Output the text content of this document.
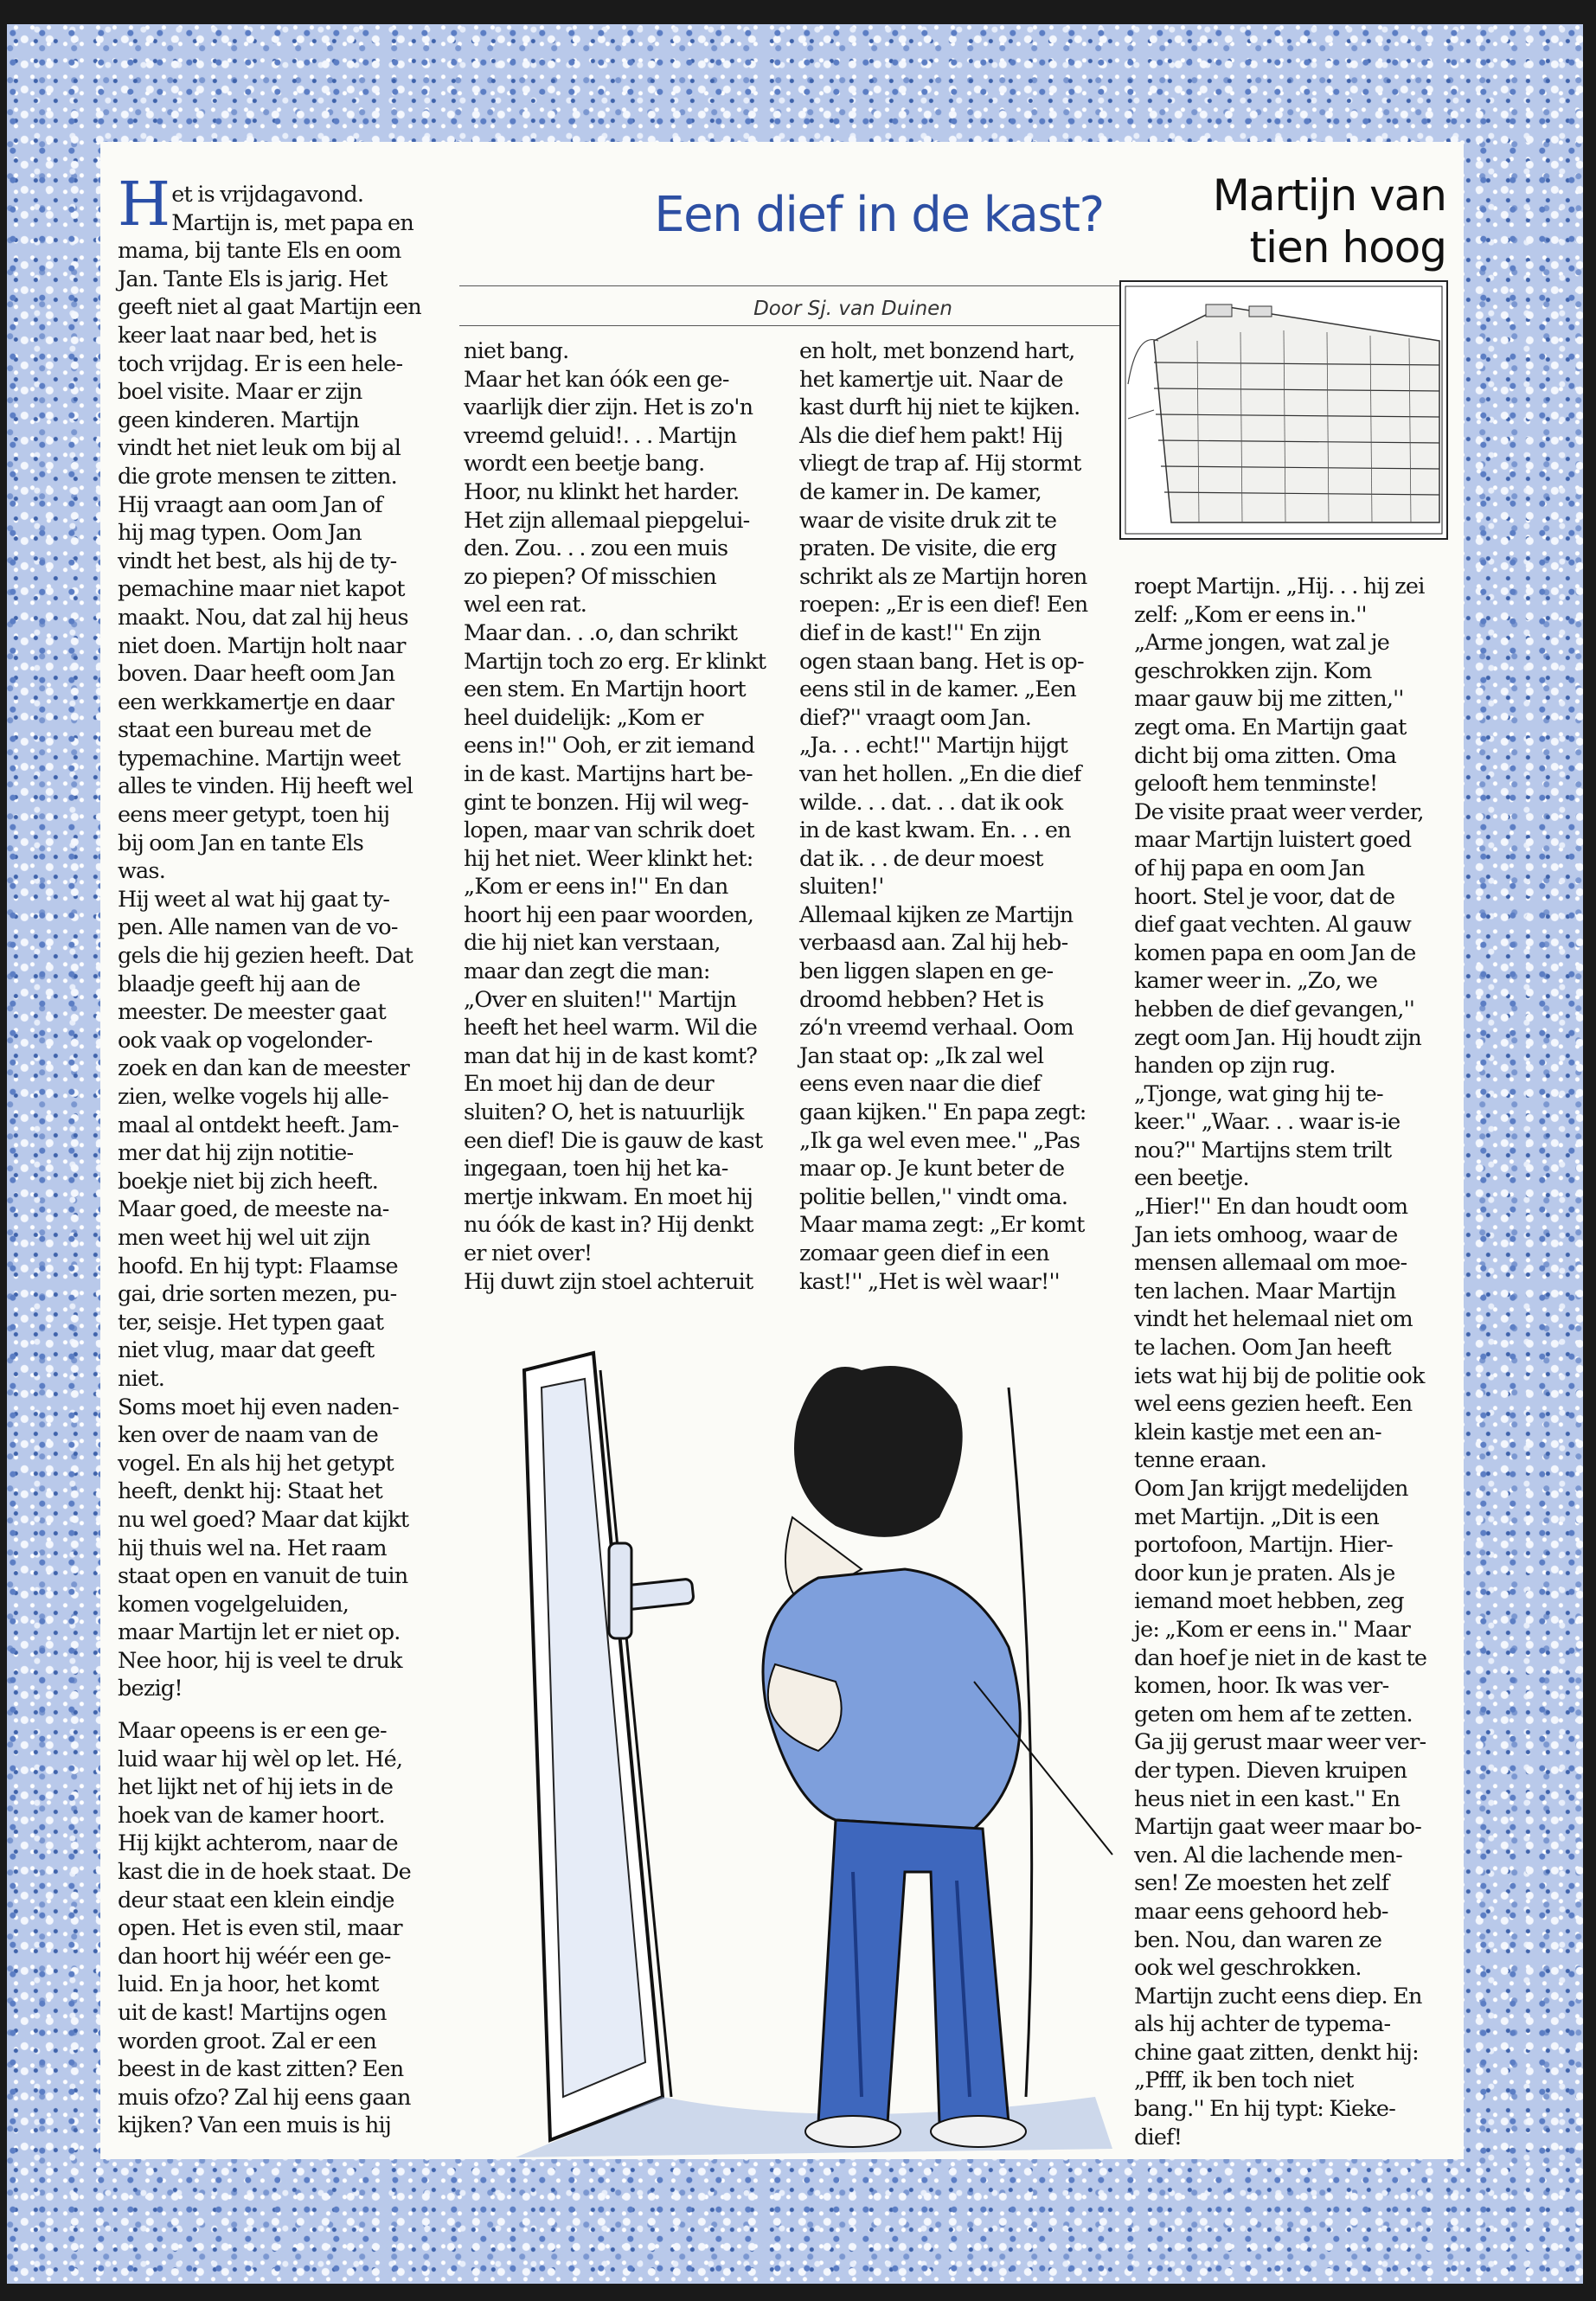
Het is vrijdagavond.
Martijn is, met papa en
mama, bij tante Els en oom
Jan. Tante Els is jarig. Het
geeft niet al gaat Martijn een
keer laat naar bed, het is
toch vrijdag. Er is een hele-
boel visite. Maar er zijn
geen kinderen. Martijn
vindt het niet leuk om bij al
die grote mensen te zitten.
Hij vraagt aan oom Jan of
hij mag typen. Oom Jan
vindt het best, als hij de ty-
pemachine maar niet kapot
maakt. Nou, dat zal hij heus
niet doen. Martijn holt naar
boven. Daar heeft oom Jan
een werkkamertje en daar
staat een bureau met de
typemachine. Martijn weet
alles te vinden. Hij heeft wel
eens meer getypt, toen hij
bij oom Jan en tante Els
was.
Hij weet al wat hij gaat ty-
pen. Alle namen van de vo-
gels die hij gezien heeft. Dat
blaadje geeft hij aan de
meester. De meester gaat
ook vaak op vogelonder-
zoek en dan kan de meester
zien, welke vogels hij alle-
maal al ontdekt heeft. Jam-
mer dat hij zijn notitie-
boekje niet bij zich heeft.
Maar goed, de meeste na-
men weet hij wel uit zijn
hoofd. En hij typt: Flaamse
gai, drie sorten mezen, pu-
ter, seisje. Het typen gaat
niet vlug, maar dat geeft
niet.
Soms moet hij even naden-
ken over de naam van de
vogel. En als hij het getypt
heeft, denkt hij: Staat het
nu wel goed? Maar dat kijkt
hij thuis wel na. Het raam
staat open en vanuit de tuin
komen vogelgeluiden,
maar Martijn let er niet op.
Nee hoor, hij is veel te druk
bezig!

Maar opeens is er een ge-
luid waar hij wèl op let. Hé,
het lijkt net of hij iets in de
hoek van de kamer hoort.
Hij kijkt achterom, naar de
kast die in de hoek staat. De
deur staat een klein eindje
open. Het is even stil, maar
dan hoort hij wéér een ge-
luid. En ja hoor, het komt
uit de kast! Martijns ogen
worden groot. Zal er een
beest in de kast zitten? Een
muis ofzo? Zal hij eens gaan
kijken? Van een muis is hij

Een dief in de kast?
Door Sj. van Duinen

niet bang.
Maar het kan óók een ge-
vaarlijk dier zijn. Het is zo'n
vreemd geluid!. . . Martijn
wordt een beetje bang.
Hoor, nu klinkt het harder.
Het zijn allemaal piepgelui-
den. Zou. . . zou een muis
zo piepen? Of misschien
wel een rat.
Maar dan. . .o, dan schrikt
Martijn toch zo erg. Er klinkt
een stem. En Martijn hoort
heel duidelijk: „Kom er
eens in!'' Ooh, er zit iemand
in de kast. Martijns hart be-
gint te bonzen. Hij wil weg-
lopen, maar van schrik doet
hij het niet. Weer klinkt het:
„Kom er eens in!'' En dan
hoort hij een paar woorden,
die hij niet kan verstaan,
maar dan zegt die man:
„Over en sluiten!'' Martijn
heeft het heel warm. Wil die
man dat hij in de kast komt?
En moet hij dan de deur
sluiten? O, het is natuurlijk
een dief! Die is gauw de kast
ingegaan, toen hij het ka-
mertje inkwam. En moet hij
nu óók de kast in? Hij denkt
er niet over!
Hij duwt zijn stoel achteruit

en holt, met bonzend hart,
het kamertje uit. Naar de
kast durft hij niet te kijken.
Als die dief hem pakt! Hij
vliegt de trap af. Hij stormt
de kamer in. De kamer,
waar de visite druk zit te
praten. De visite, die erg
schrikt als ze Martijn horen
roepen: „Er is een dief! Een
dief in de kast!'' En zijn
ogen staan bang. Het is op-
eens stil in de kamer. „Een
dief?'' vraagt oom Jan.
„Ja. . . echt!'' Martijn hijgt
van het hollen. „En die dief
wilde. . . dat. . . dat ik ook
in de kast kwam. En. . . en
dat ik. . . de deur moest
sluiten!'
Allemaal kijken ze Martijn
verbaasd aan. Zal hij heb-
ben liggen slapen en ge-
droomd hebben? Het is
zó'n vreemd verhaal. Oom
Jan staat op: „Ik zal wel
eens even naar die dief
gaan kijken.'' En papa zegt:
„Ik ga wel even mee.'' „Pas
maar op. Je kunt beter de
politie bellen,'' vindt oma.
Maar mama zegt: „Er komt
zomaar geen dief in een
kast!'' „Het is wèl waar!''

Martijn van
tien hoog

roept Martijn. „Hij. . . hij zei
zelf: „Kom er eens in.''
„Arme jongen, wat zal je
geschrokken zijn. Kom
maar gauw bij me zitten,''
zegt oma. En Martijn gaat
dicht bij oma zitten. Oma
gelooft hem tenminste!
De visite praat weer verder,
maar Martijn luistert goed
of hij papa en oom Jan
hoort. Stel je voor, dat de
dief gaat vechten. Al gauw
komen papa en oom Jan de
kamer weer in. „Zo, we
hebben de dief gevangen,''
zegt oom Jan. Hij houdt zijn
handen op zijn rug.
„Tjonge, wat ging hij te-
keer.'' „Waar. . . waar is-ie
nou?'' Martijns stem trilt
een beetje.
„Hier!'' En dan houdt oom
Jan iets omhoog, waar de
mensen allemaal om moe-
ten lachen. Maar Martijn
vindt het helemaal niet om
te lachen. Oom Jan heeft
iets wat hij bij de politie ook
wel eens gezien heeft. Een
klein kastje met een an-
tenne eraan.
Oom Jan krijgt medelijden
met Martijn. „Dit is een
portofoon, Martijn. Hier-
door kun je praten. Als je
iemand moet hebben, zeg
je: „Kom er eens in.'' Maar
dan hoef je niet in de kast te
komen, hoor. Ik was ver-
geten om hem af te zetten.
Ga jij gerust maar weer ver-
der typen. Dieven kruipen
heus niet in een kast.'' En
Martijn gaat weer maar bo-
ven. Al die lachende men-
sen! Ze moesten het zelf
maar eens gehoord heb-
ben. Nou, dan waren ze
ook wel geschrokken.
Martijn zucht eens diep. En
als hij achter de typema-
chine gaat zitten, denkt hij:
„Pfff, ik ben toch niet
bang.'' En hij typt: Kieke-
dief!
